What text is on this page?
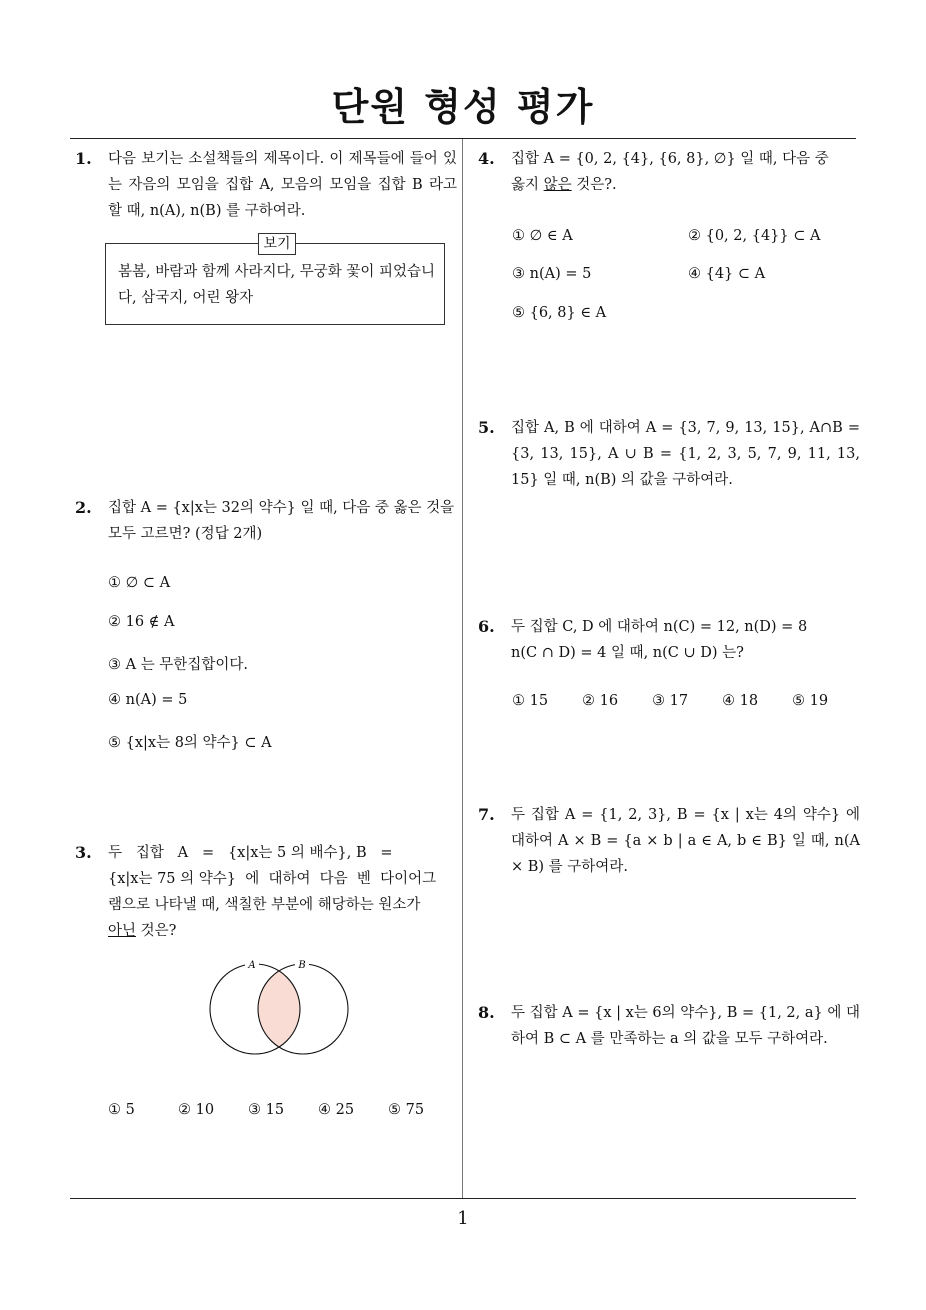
단원 형성 평가
1
1. 다음 보기는 소설책들의 제목이다. 이 제목들에 들어 있는 자음의 모임을 집합 A, 모음의 모임을 집합 B 라고 할 때, n(A), n(B) 를 구하여라.
보기
봄봄, 바람과 함께 사라지다, 무궁화 꽃이 피었습니다, 삼국지, 어린 왕자
2. 집합 A = {x|x는 32의 약수} 일 때, 다음 중 옳은 것을 모두 고르면? (정답 2개)
① ∅ ⊂ A
② 16 ∉ A
③ A 는 무한집합이다.
④ n(A) = 5
⑤ {x|x는 8의 약수} ⊂ A
3. 두   집합   A   =   {x|x는 5 의 배수}, B   =
{x|x는 75 의 약수}  에  대하여  다음  벤  다이어그
램으로 나타낼 때, 색칠한 부분에 해당하는 원소가
아닌 것은?
A	B
① 5	② 10 ③ 15 ④ 25 ⑤ 75
4. 집합 A = {0, 2, {4}, {6, 8}, ∅} 일 때, 다음 중
옳지 않은 것은?.
① ∅ ∈ A	② {0, 2, {4}} ⊂ A
③ n(A) = 5	④ {4} ⊂ A
⑤ {6, 8} ∈ A
5. 집합 A, B 에 대하여 A = {3, 7, 9, 13, 15}, A∩B = {3, 13, 15}, A ∪ B = {1, 2, 3, 5, 7, 9, 11, 13, 15} 일 때, n(B) 의 값을 구하여라.
6. 두 집합 C, D 에 대하여 n(C) = 12, n(D) = 8
n(C ∩ D) = 4 일 때, n(C ∪ D) 는?
① 15 ② 16 ③ 17 ④ 18 ⑤ 19
7. 두 집합 A = {1, 2, 3}, B = {x | x는 4의 약수} 에 대하여 A × B = {a × b | a ∈ A, b ∈ B} 일 때, n(A × B) 를 구하여라.
8. 두 집합 A = {x | x는 6의 약수}, B = {1, 2, a} 에 대하여 B ⊂ A 를 만족하는 a 의 값을 모두 구하여라.
